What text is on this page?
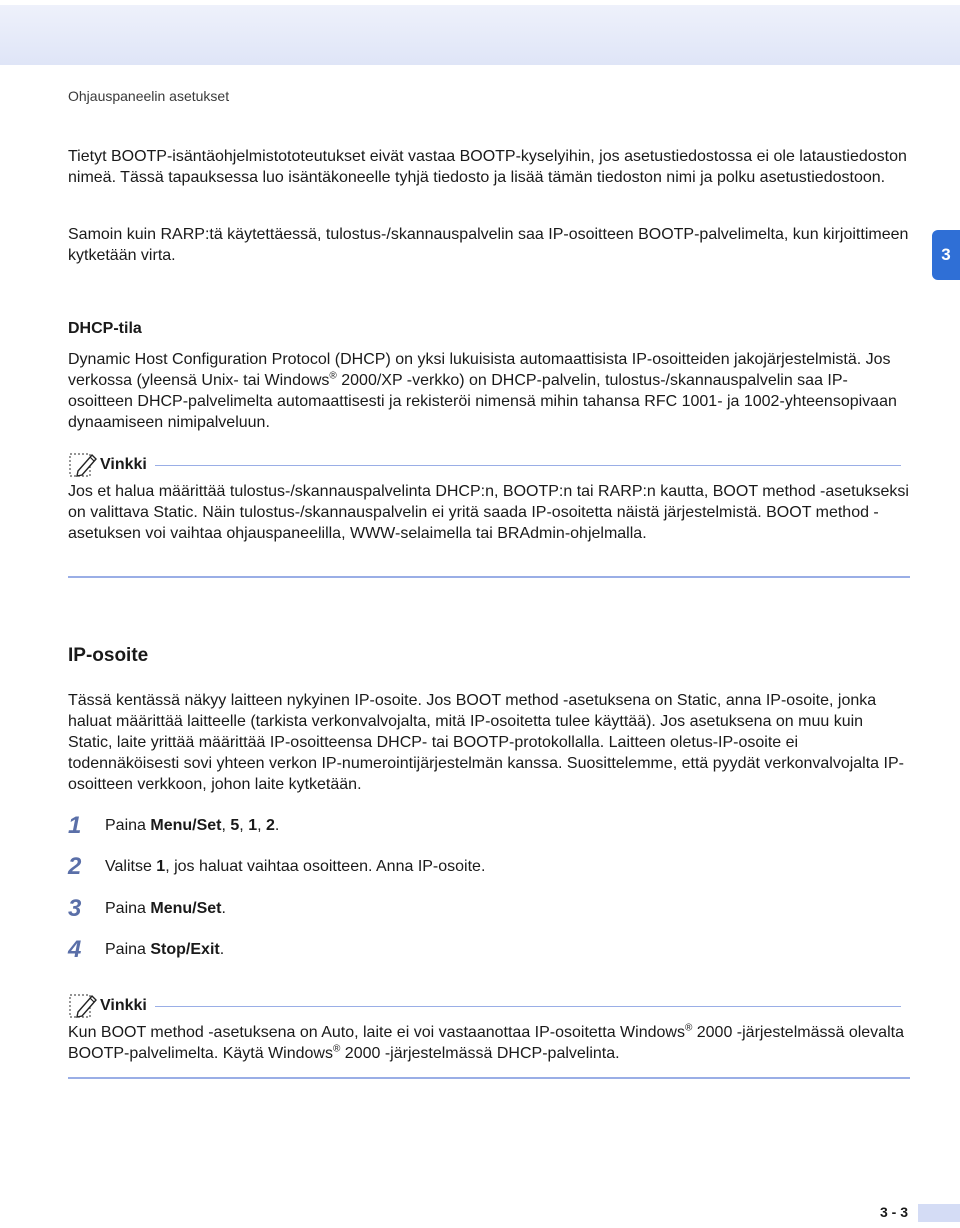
Ohjauspaneelin asetukset
3

Tietyt BOOTP-isäntäohjelmistototeutukset eivät vastaa BOOTP-kyselyihin, jos asetustiedostossa ei ole lataustiedoston nimeä. Tässä tapauksessa luo isäntäkoneelle tyhjä tiedosto ja lisää tämän tiedoston nimi ja polku asetustiedostoon.

Samoin kuin RARP:tä käytettäessä, tulostus-/skannauspalvelin saa IP-osoitteen BOOTP-palvelimelta, kun kirjoittimeen kytketään virta.

DHCP-tila

Dynamic Host Configuration Protocol (DHCP) on yksi lukuisista automaattisista IP-osoitteiden jakojärjestelmistä. Jos verkossa (yleensä Unix- tai Windows® 2000/XP -verkko) on DHCP-palvelin, tulostus-/skannauspalvelin saa IP-osoitteen DHCP-palvelimelta automaattisesti ja rekisteröi nimensä mihin tahansa RFC 1001- ja 1002-yhteensopivaan dynaamiseen nimipalveluun.

Vinkki

Jos et halua määrittää tulostus-/skannauspalvelinta DHCP:n, BOOTP:n tai RARP:n kautta, BOOT method -asetukseksi on valittava Static. Näin tulostus-/skannauspalvelin ei yritä saada IP-osoitetta näistä järjestelmistä. BOOT method -asetuksen voi vaihtaa ohjauspaneelilla, WWW-selaimella tai BRAdmin-ohjelmalla.

IP-osoite

Tässä kentässä näkyy laitteen nykyinen IP-osoite. Jos BOOT method -asetuksena on Static, anna IP-osoite, jonka haluat määrittää laitteelle (tarkista verkonvalvojalta, mitä IP-osoitetta tulee käyttää). Jos asetuksena on muu kuin Static, laite yrittää määrittää IP-osoitteensa DHCP- tai BOOTP-protokollalla. Laitteen oletus-IP-osoite ei todennäköisesti sovi yhteen verkon IP-numerointijärjestelmän kanssa. Suosittelemme, että pyydät verkonvalvojalta IP-osoitteen verkkoon, johon laite kytketään.

1	Paina Menu/Set, 5, 1, 2.
2	Valitse 1, jos haluat vaihtaa osoitteen. Anna IP-osoite.
3	Paina Menu/Set.
4	Paina Stop/Exit.
Vinkki

Kun BOOT method -asetuksena on Auto, laite ei voi vastaanottaa IP-osoitetta Windows® 2000 -järjestelmässä olevalta BOOTP-palvelimelta. Käytä Windows® 2000 -järjestelmässä DHCP-palvelinta.

3 - 3
